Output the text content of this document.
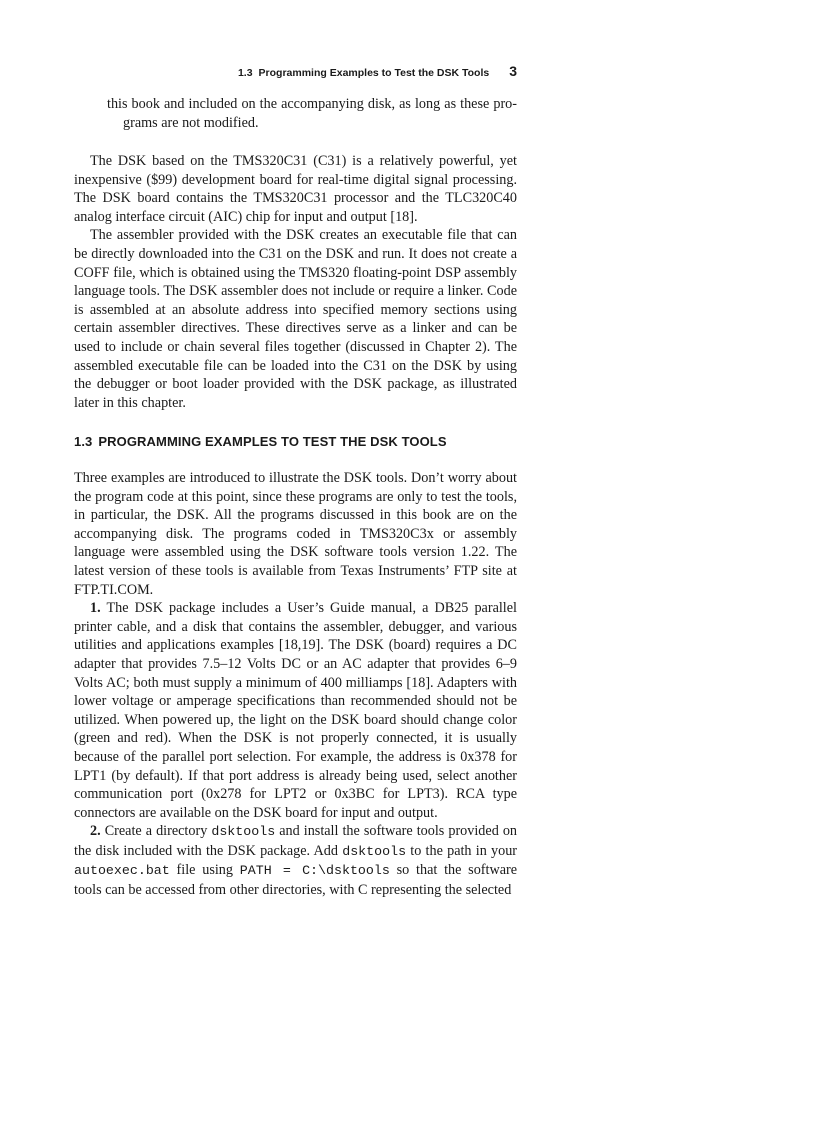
1.3 Programming Examples to Test the DSK Tools 3

this book and included on the accompanying disk, as long as these pro-

grams are not modified.

The DSK based on the TMS320C31 (C31) is a relatively powerful, yet inexpensive ($99) development board for real-time digital signal processing. The DSK board contains the TMS320C31 processor and the TLC320C40 analog interface circuit (AIC) chip for input and output [18].

The assembler provided with the DSK creates an executable file that can be directly downloaded into the C31 on the DSK and run. It does not create a COFF file, which is obtained using the TMS320 floating-point DSP assembly language tools. The DSK assembler does not include or require a linker. Code is assembled at an absolute address into specified memory sections using certain assembler directives. These directives serve as a linker and can be used to include or chain several files together (discussed in Chapter 2). The assembled executable file can be loaded into the C31 on the DSK by using the debugger or boot loader provided with the DSK package, as illustrated later in this chapter.

1.3 PROGRAMMING EXAMPLES TO TEST THE DSK TOOLS

Three examples are introduced to illustrate the DSK tools. Don’t worry about the program code at this point, since these programs are only to test the tools, in particular, the DSK. All the programs discussed in this book are on the accompanying disk. The programs coded in TMS320C3x or assembly language were assembled using the DSK software tools version 1.22. The latest version of these tools is available from Texas Instruments’ FTP site at FTP.TI.COM.

1. The DSK package includes a User’s Guide manual, a DB25 parallel printer cable, and a disk that contains the assembler, debugger, and various utilities and applications examples [18,19]. The DSK (board) requires a DC adapter that provides 7.5–12 Volts DC or an AC adapter that provides 6–9 Volts AC; both must supply a minimum of 400 milliamps [18]. Adapters with lower voltage or amperage specifications than recommended should not be utilized. When powered up, the light on the DSK board should change color (green and red). When the DSK is not properly connected, it is usually because of the parallel port selection. For example, the address is 0x378 for LPT1 (by default). If that port address is already being used, select another communication port (0x278 for LPT2 or 0x3BC for LPT3). RCA type connectors are available on the DSK board for input and output.

2. Create a directory dsktools and install the software tools provided on the disk included with the DSK package. Add dsktools to the path in your autoexec.bat file using PATH = C:\dsktools so that the software tools can be accessed from other directories, with C representing the selected
